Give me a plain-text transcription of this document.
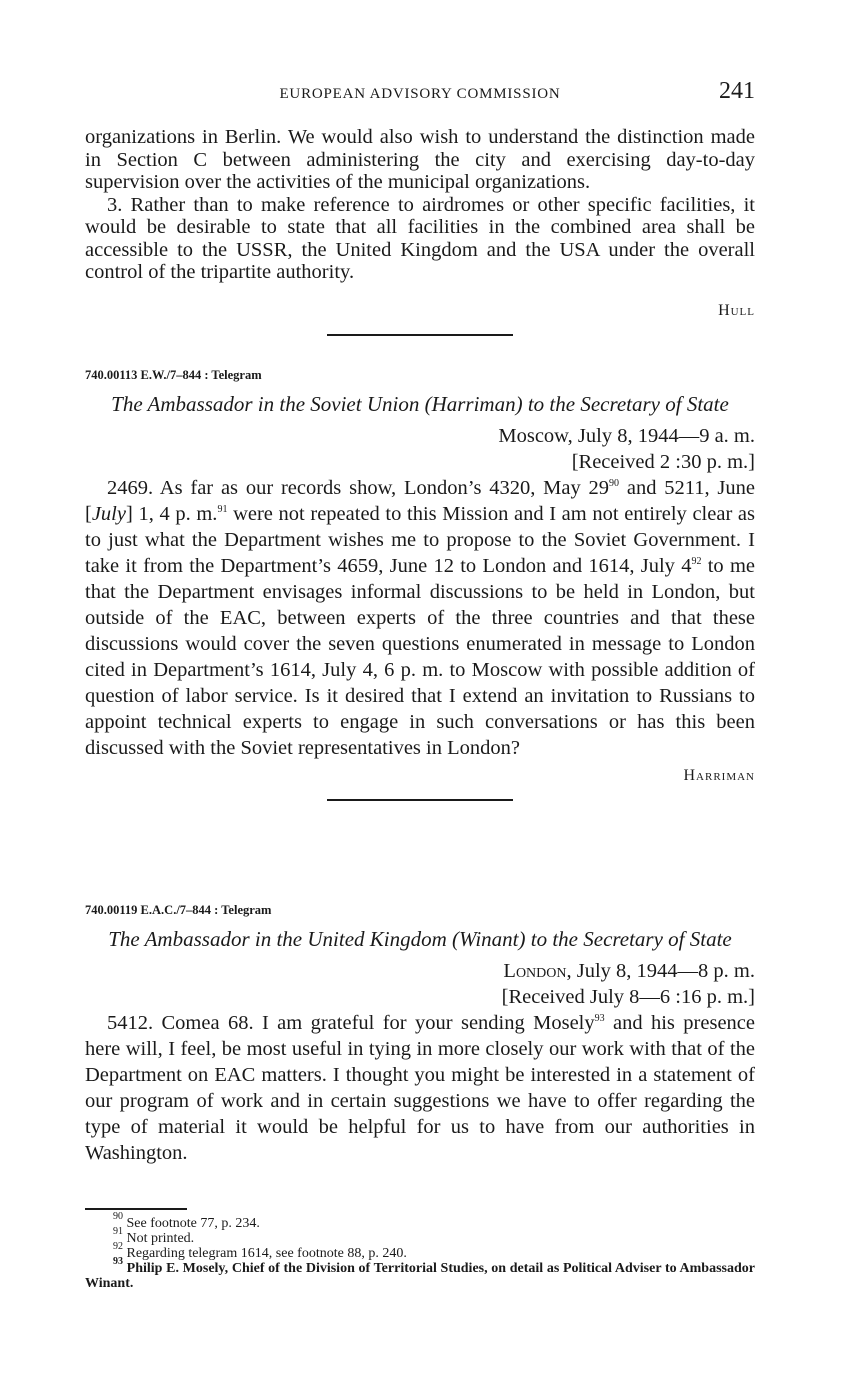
EUROPEAN ADVISORY COMMISSION	241

organizations in Berlin. We would also wish to understand the distinction made in Section C between administering the city and exercising day-to-day supervision over the activities of the municipal organizations.

3. Rather than to make reference to airdromes or other specific facilities, it would be desirable to state that all facilities in the combined area shall be accessible to the USSR, the United Kingdom and the USA under the overall control of the tripartite authority.

Hull
740.00113 E.W./7–844 : Telegram
The Ambassador in the Soviet Union (Harriman) to the Secretary of State
Moscow, July 8, 1944—9 a. m.
[Received 2 :30 p. m.]

2469. As far as our records show, London’s 4320, May $29^{90}$ and 5211, June [July] 1, 4 p. m.$^{91}$ were not repeated to this Mission and I am not entirely clear as to just what the Department wishes me to propose to the Soviet Government. I take it from the Department’s 4659, June 12 to London and 1614, July $4^{92}$ to me that the Department envisages informal discussions to be held in London, but outside of the EAC, between experts of the three countries and that these discussions would cover the seven questions enumerated in message to London cited in Department’s 1614, July 4, 6 p. m. to Moscow with possible addition of question of labor service. Is it desired that I extend an invitation to Russians to appoint technical experts to engage in such conversations or has this been discussed with the Soviet representatives in London?

Harriman
740.00119 E.A.C./7–844 : Telegram
The Ambassador in the United Kingdom (Winant) to the Secretary of State
London, July 8, 1944—8 p. m.
[Received July 8—6 :16 p. m.]

5412. Comea 68. I am grateful for your sending Mosely$^{93}$ and his presence here will, I feel, be most useful in tying in more closely our work with that of the Department on EAC matters. I thought you might be interested in a statement of our program of work and in certain suggestions we have to offer regarding the type of material it would be helpful for us to have from our authorities in Washington.

$^{90}$ See footnote 77, p. 234.
$^{91}$ Not printed.
$^{92}$ Regarding telegram 1614, see footnote 88, p. 240.
$^{93}$ Philip E. Mosely, Chief of the Division of Territorial Studies, on detail as Political Adviser to Ambassador Winant.
